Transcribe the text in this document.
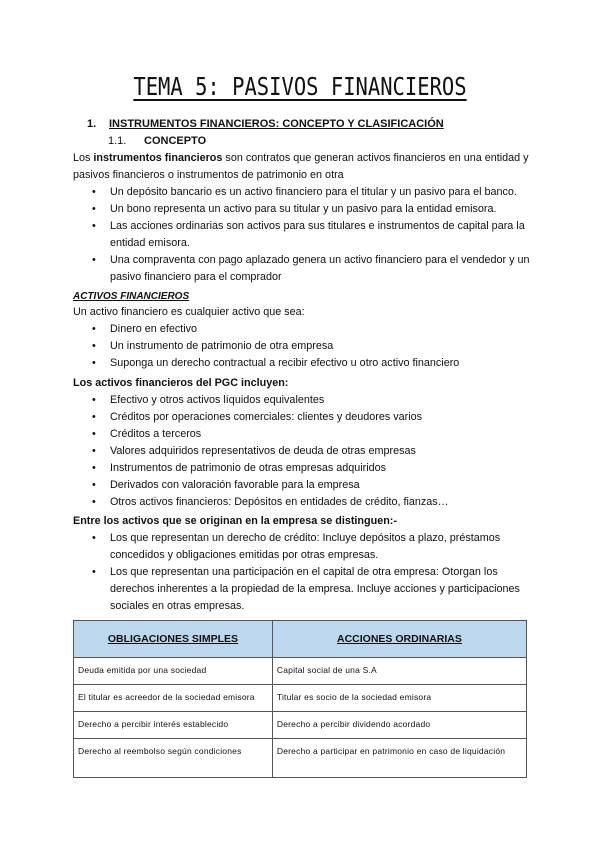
TEMA 5: PASIVOS FINANCIEROS
1. INSTRUMENTOS FINANCIEROS: CONCEPTO Y CLASIFICACIÓN
1.1. CONCEPTO
Los instrumentos financieros son contratos que generan activos financieros en una entidad y pasivos financieros o instrumentos de patrimonio en otra
• Un depósito bancario es un activo financiero para el titular y un pasivo para el banco.
• Un bono representa un activo para su titular y un pasivo para la entidad emisora.
• Las acciones ordinarias son activos para sus titulares e instrumentos de capital para la entidad emisora.
• Una compraventa con pago aplazado genera un activo financiero para el vendedor y un pasivo financiero para el comprador
ACTIVOS FINANCIEROS
Un activo financiero es cualquier activo que sea:
• Dinero en efectivo
• Un instrumento de patrimonio de otra empresa
• Suponga un derecho contractual a recibir efectivo u otro activo financiero
Los activos financieros del PGC incluyen:
• Efectivo y otros activos líquidos equivalentes
• Créditos por operaciones comerciales: clientes y deudores varios
• Créditos a terceros
• Valores adquiridos representativos de deuda de otras empresas
• Instrumentos de patrimonio de otras empresas adquiridos
• Derivados con valoración favorable para la empresa
• Otros activos financieros: Depósitos en entidades de crédito, fianzas…
Entre los activos que se originan en la empresa se distinguen:-
• Los que representan un derecho de crédito: Incluye depósitos a plazo, préstamos concedidos y obligaciones emitidas por otras empresas.
• Los que representan una participación en el capital de otra empresa: Otorgan los derechos inherentes a la propiedad de la empresa. Incluye acciones y participaciones sociales en otras empresas.
OBLIGACIONES SIMPLES	ACCIONES ORDINARIAS
Deuda emitida por una sociedad	Capital social de una S.A
El titular es acreedor de la sociedad emisora	Titular es socio de la sociedad emisora
Derecho a percibir interés establecido	Derecho a percibir dividendo acordado
Derecho al reembolso según condiciones	Derecho a participar en patrimonio en caso de liquidación
